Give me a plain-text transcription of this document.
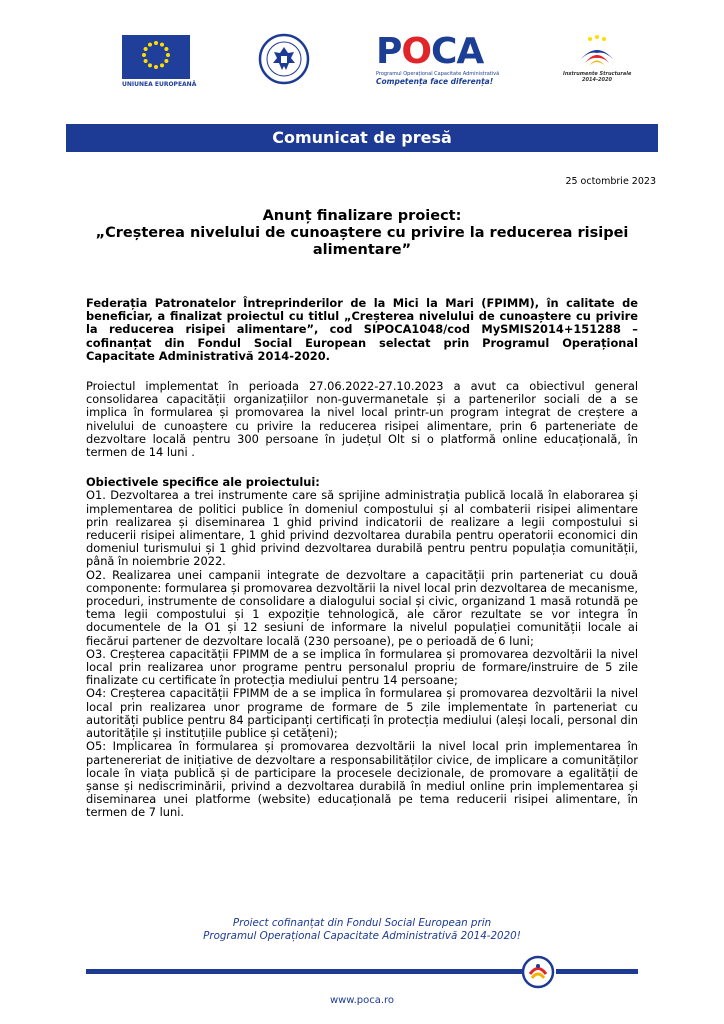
UNIUNEA EUROPEANĂ
POCA
Programul Operațional Capacitate Administrativă
Competența face diferența!
Instrumente Structurale
2014-2020
Comunicat de presă
25 octombrie 2023
Anunț finalizare proiect:
„Creșterea nivelului de cunoaștere cu privire la reducerea risipei alimentare”

Federația Patronatelor Întreprinderilor de la Mici la Mari (FPIMM), în calitate de beneficiar, a finalizat proiectul cu titlul „Creșterea nivelului de cunoaștere cu privire la reducerea risipei alimentare”, cod SIPOCA1048/cod MySMIS2014+151288 – cofinanțat din Fondul Social European selectat prin Programul Operațional Capacitate Administrativă 2014-2020.

Proiectul implementat în perioada 27.06.2022-27.10.2023 a avut ca obiectivul general consolidarea capacității organizațiilor non-guvermanetale și a partenerilor sociali de a se implica în formularea și promovarea la nivel local printr-un program integrat de creștere a nivelului de cunoaștere cu privire la reducerea risipei alimentare, prin 6 parteneriate de dezvoltare locală pentru 300 persoane în județul Olt si o platformă online educațională, în termen de 14 luni .

Obiectivele specifice ale proiectului:

O1. Dezvoltarea a trei instrumente care să sprijine administrația publică locală în elaborarea și implementarea de politici publice în domeniul compostului și al combaterii risipei alimentare prin realizarea și diseminarea 1 ghid privind indicatorii de realizare a legii compostului si reducerii risipei alimentare, 1 ghid privind dezvoltarea durabila pentru operatorii economici din domeniul turismului și 1 ghid privind dezvoltarea durabilă pentru pentru populația comunității, până în noiembrie 2022.

O2. Realizarea unei campanii integrate de dezvoltare a capacității prin parteneriat cu două componente: formularea și promovarea dezvoltării la nivel local prin dezvoltarea de mecanisme, proceduri, instrumente de consolidare a dialogului social și civic, organizand 1 masă rotundă pe tema legii compostului și 1 expoziție tehnologică, ale căror rezultate se vor integra în documentele de la O1 și 12 sesiuni de informare la nivelul populației comunității locale ai fiecărui partener de dezvoltare locală (230 persoane), pe o perioadă de 6 luni;

O3. Creșterea capacității FPIMM de a se implica în formularea și promovarea dezvoltării la nivel local prin realizarea unor programe pentru personalul propriu de formare/instruire de 5 zile finalizate cu certificate în protecția mediului pentru 14 persoane;

O4: Creșterea capacității FPIMM de a se implica în formularea și promovarea dezvoltării la nivel local prin realizarea unor programe de formare de 5 zile implementate în parteneriat cu autorități publice pentru 84 participanți certificați în protecția mediului (aleși locali, personal din autoritățile și instituțiile publice și cetățeni);

O5: Implicarea în formularea și promovarea dezvoltării la nivel local prin implementarea în partenereriat de inițiative de dezvoltare a responsabilităților civice, de implicare a comunităților locale în viața publică și de participare la procesele decizionale, de promovare a egalității de șanse și nediscriminării, privind a dezvoltarea durabilă în mediul online prin implementarea și diseminarea unei platforme (website) educațională pe tema reducerii risipei alimentare, în termen de 7 luni.

Proiect cofinanțat din Fondul Social European prin
Programul Operațional Capacitate Administrativă 2014-2020!
www.poca.ro
